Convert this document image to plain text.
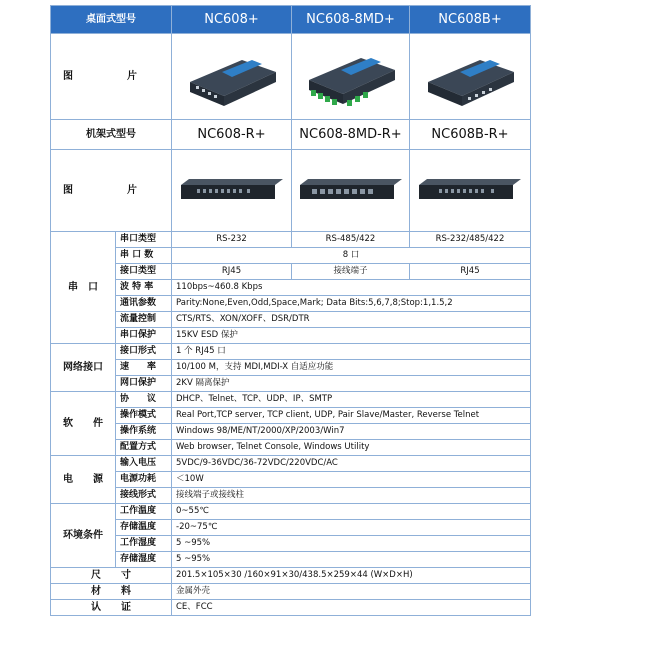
桌面式型号		NC608+	NC608-8MD+	NC608B+
图　片	

机架式型号		NC608-R+	NC608-8MD-R+	NC608B-R+
图　片	

串　口	串口类型	RS-232	RS-485/422	RS-232/485/422
	串 口 数	8 口		
	接口类型	RJ45	接线端子	RJ45
	波 特 率	110bps~460.8 Kbps		
	通讯参数	Parity:None,Even,Odd,Space,Mark; Data Bits:5,6,7,8;Stop:1,1.5,2		
	流量控制	CTS/RTS、XON/XOFF、DSR/DTR		
	串口保护	15KV ESD 保护		
网络接口	接口形式	1 个 RJ45 口		
	速　　率	10/100 M，支持 MDI,MDI-X 自适应功能		
	网口保护	2KV 隔离保护		
软　　件	协　　议	DHCP、Telnet、TCP、UDP、IP、SMTP		
	操作模式	Real Port,TCP server, TCP client, UDP, Pair Slave/Master, Reverse Telnet		
	操作系统	Windows 98/ME/NT/2000/XP/2003/Win7		
	配置方式	Web browser, Telnet Console, Windows Utility		
电　　源	输入电压	5VDC/9-36VDC/36-72VDC/220VDC/AC		
	电源功耗	＜10W		
	接线形式	接线端子或接线柱		
环境条件	工作温度	0~55℃		
	存储温度	-20~75℃		
	工作湿度	5 ~95%		
	存储湿度	5 ~95%		
尺　　寸		201.5×105×30 /160×91×30/438.5×259×44 (W×D×H)		
材　　料		金属外壳		
认　　证		CE、FCC		
